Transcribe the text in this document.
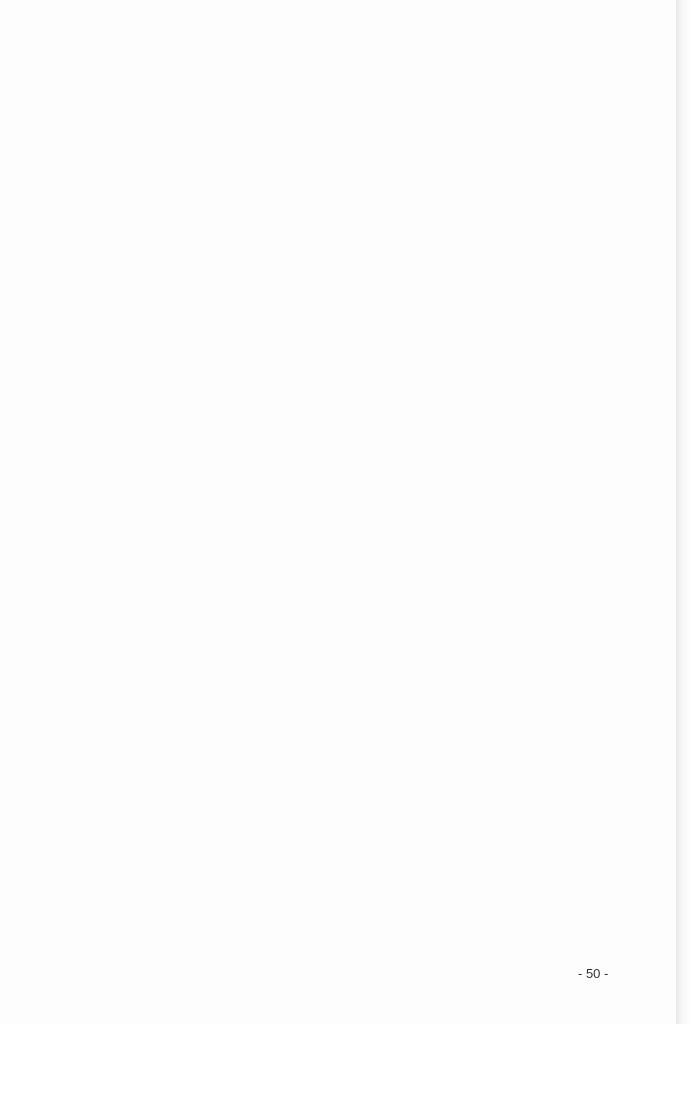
- 50 -
